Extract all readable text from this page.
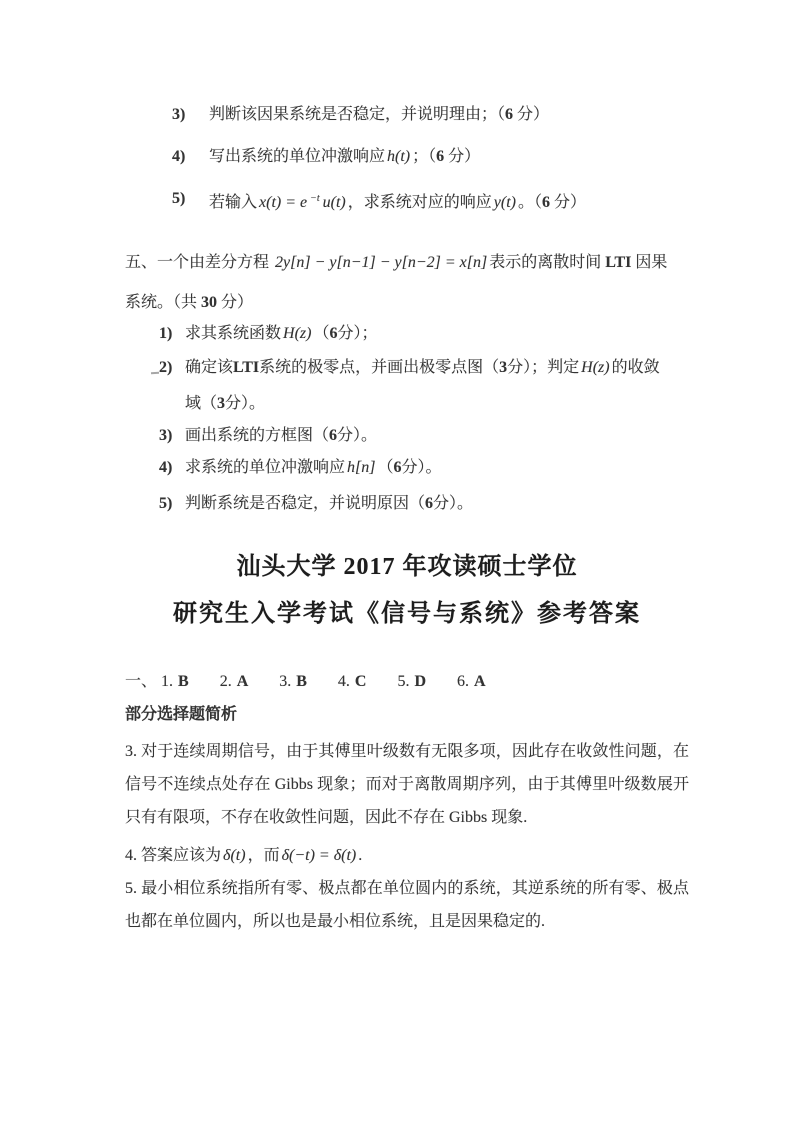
3)	判断该因果系统是否稳定，并说明理由；（6 分）
4)	写出系统的单位冲激响应 h(t) ；（6 分）
5)	若输入 x(t) = e $^{-t}$ u(t) ，求系统对应的响应 y(t) 。（6 分）
五、一个由差分方程 2y[n] − y[n−1] − y[n−2] = x[n] 表示的离散时间 LTI 因果
系统。（共 30 分）
1) 求其系统函数 H(z) （6分）；
2) 确定该LTI系统的极零点，并画出极零点图（3分）；判定 H(z) 的收敛
域（3分）。
3) 画出系统的方框图（6分）。
4) 求系统的单位冲激响应 h[n] （6分）。
5) 判断系统是否稳定，并说明原因（6分）。
汕头大学 2017 年攻读硕士学位
研究生入学考试《信号与系统》参考答案
一、 1. B 2. A 3. B 4. C 5. D 6. A
部分选择题简析

3. 对于连续周期信号，由于其傅里叶级数有无限多项，因此存在收敛性问题，在信号不连续点处存在 Gibbs 现象；而对于离散周期序列，由于其傅里叶级数展开只有有限项，不存在收敛性问题，因此不存在 Gibbs 现象.

4. 答案应该为 δ(t) ，而 δ(−t) = δ(t) .

5. 最小相位系统指所有零、极点都在单位圆内的系统，其逆系统的所有零、极点也都在单位圆内，所以也是最小相位系统，且是因果稳定的.
